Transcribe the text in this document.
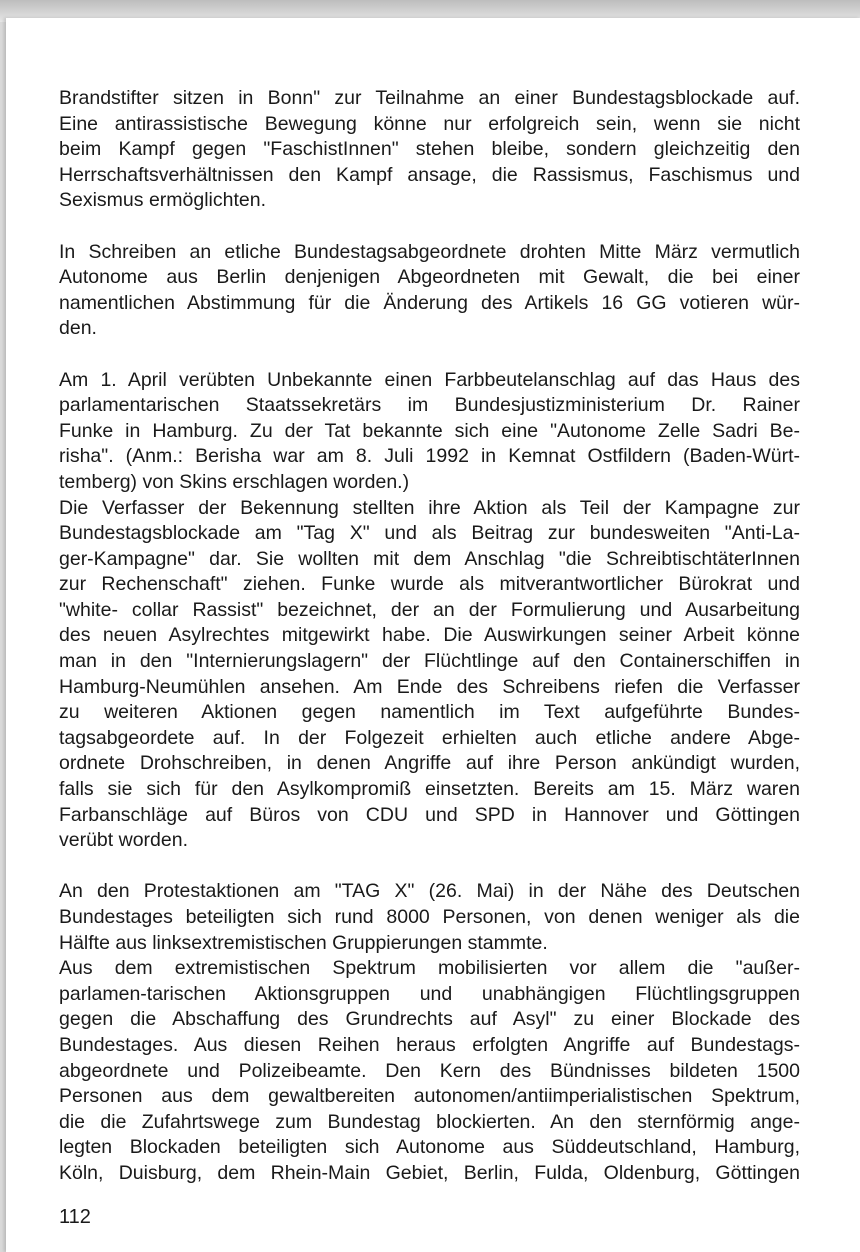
Brandstifter sitzen in Bonn" zur Teilnahme an einer Bundestagsblockade auf.

Eine antirassistische Bewegung könne nur erfolgreich sein, wenn sie nicht

beim Kampf gegen "FaschistInnen" stehen bleibe, sondern gleichzeitig den

Herrschaftsverhältnissen den Kampf ansage, die Rassismus, Faschismus und

Sexismus ermöglichten.

In Schreiben an etliche Bundestagsabgeordnete drohten Mitte März vermutlich

Autonome aus Berlin denjenigen Abgeordneten mit Gewalt, die bei einer

namentlichen Abstimmung für die Änderung des Artikels 16 GG votieren wür-

den.

Am 1. April verübten Unbekannte einen Farbbeutelanschlag auf das Haus des

parlamentarischen Staatssekretärs im Bundesjustizministerium Dr. Rainer

Funke in Hamburg. Zu der Tat bekannte sich eine "Autonome Zelle Sadri Be-

risha". (Anm.: Berisha war am 8. Juli 1992 in Kemnat Ostfildern (Baden-Würt-

temberg) von Skins erschlagen worden.)

Die Verfasser der Bekennung stellten ihre Aktion als Teil der Kampagne zur

Bundestagsblockade am "Tag X" und als Beitrag zur bundesweiten "Anti-La-

ger-Kampagne" dar. Sie wollten mit dem Anschlag "die SchreibtischtäterInnen

zur Rechenschaft" ziehen. Funke wurde als mitverantwortlicher Bürokrat und

"white- collar Rassist" bezeichnet, der an der Formulierung und Ausarbeitung

des neuen Asylrechtes mitgewirkt habe. Die Auswirkungen seiner Arbeit könne

man in den "Internierungslagern" der Flüchtlinge auf den Containerschiffen in

Hamburg-Neumühlen ansehen. Am Ende des Schreibens riefen die Verfasser

zu weiteren Aktionen gegen namentlich im Text aufgeführte Bundes-

tagsabgeordete auf. In der Folgezeit erhielten auch etliche andere Abge-

ordnete Drohschreiben, in denen Angriffe auf ihre Person ankündigt wurden,

falls sie sich für den Asylkompromiß einsetzten. Bereits am 15. März waren

Farbanschläge auf Büros von CDU und SPD in Hannover und Göttingen

verübt worden.

An den Protestaktionen am "TAG X" (26. Mai) in der Nähe des Deutschen

Bundestages beteiligten sich rund 8000 Personen, von denen weniger als die

Hälfte aus linksextremistischen Gruppierungen stammte.

Aus dem extremistischen Spektrum mobilisierten vor allem die "außer-

parlamen-tarischen Aktionsgruppen und unabhängigen Flüchtlingsgruppen

gegen die Abschaffung des Grundrechts auf Asyl" zu einer Blockade des

Bundestages. Aus diesen Reihen heraus erfolgten Angriffe auf Bundestags-

abgeordnete und Polizeibeamte. Den Kern des Bündnisses bildeten 1500

Personen aus dem gewaltbereiten autonomen/antiimperialistischen Spektrum,

die die Zufahrtswege zum Bundestag blockierten. An den sternförmig ange-

legten Blockaden beteiligten sich Autonome aus Süddeutschland, Hamburg,

Köln, Duisburg, dem Rhein-Main Gebiet, Berlin, Fulda, Oldenburg, Göttingen

112
